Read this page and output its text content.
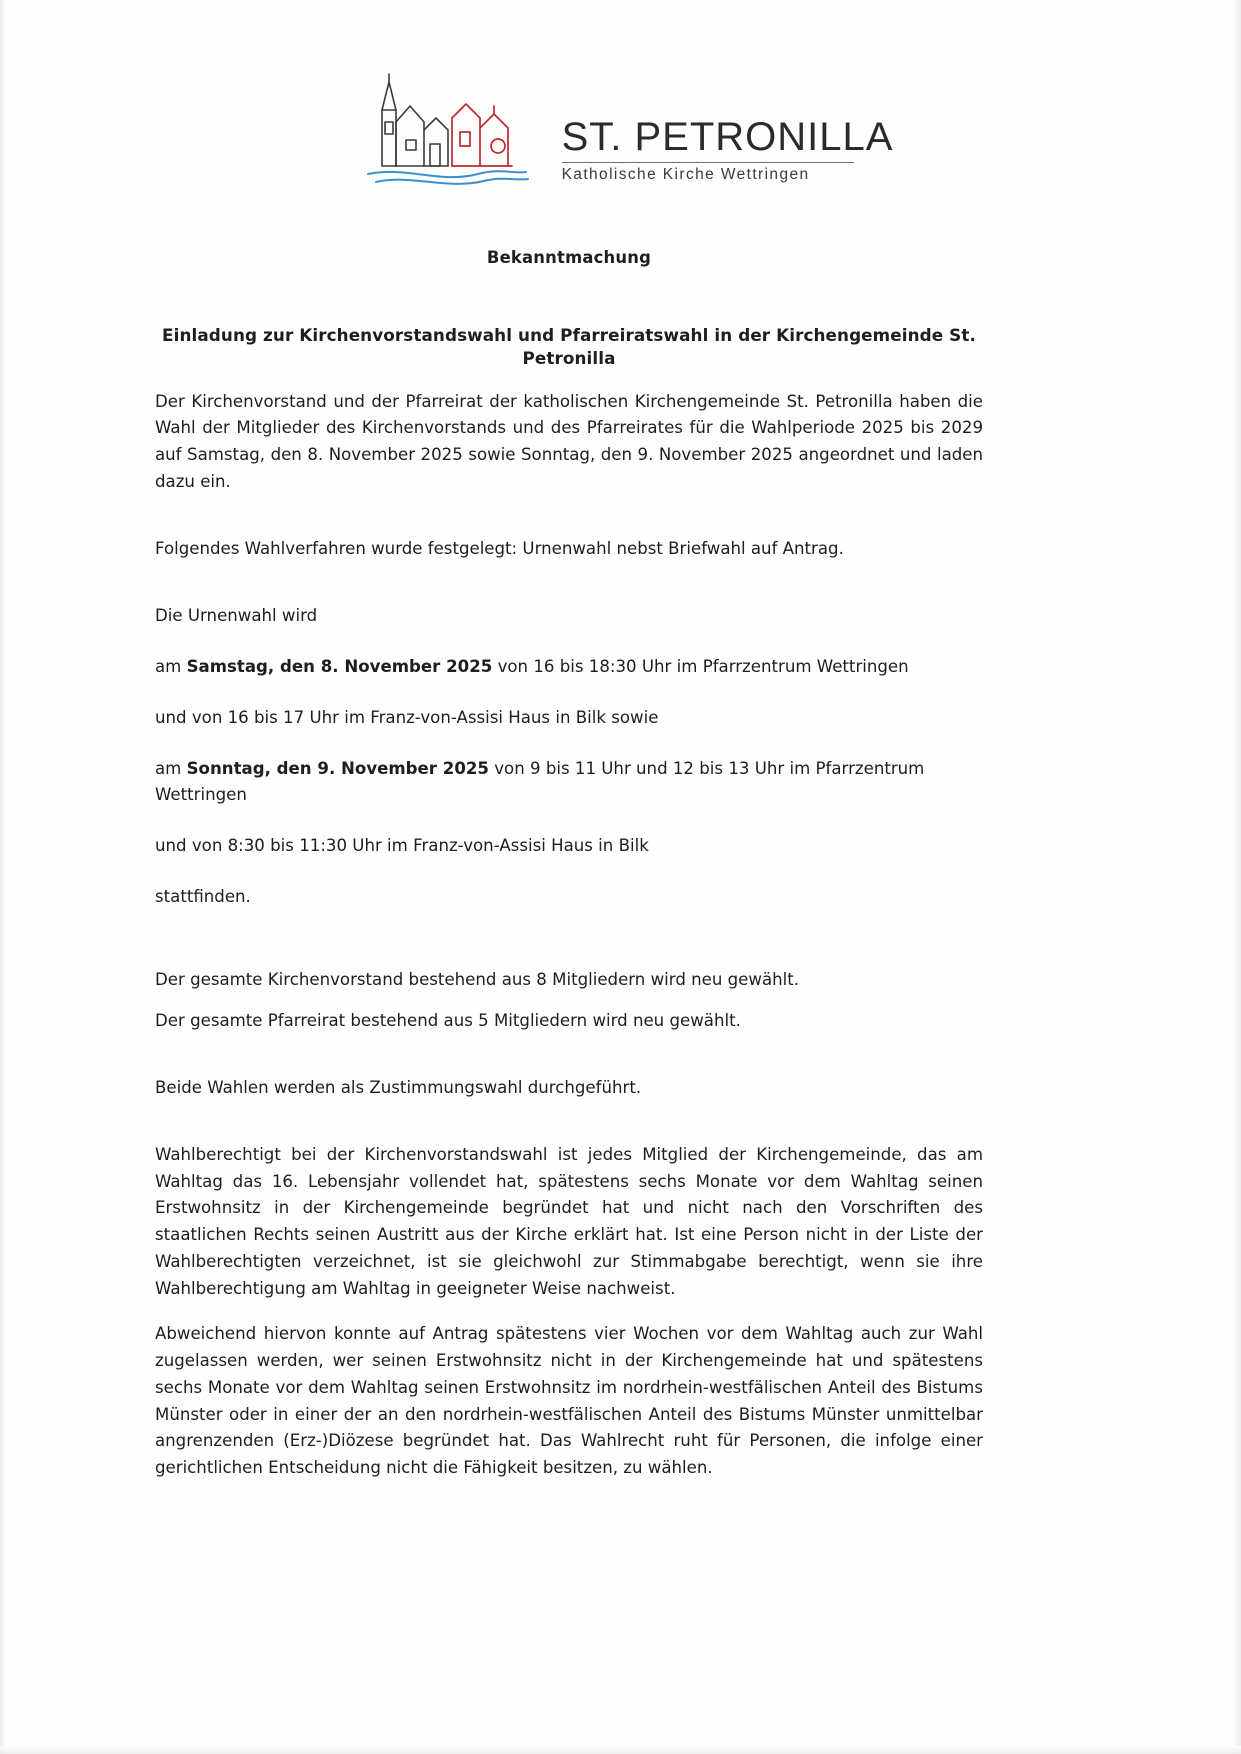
ST. PETRONILLA
Katholische Kirche Wettringen
Bekanntmachung
Einladung zur Kirchenvorstandswahl und Pfarreiratswahl in der Kirchengemeinde St. Petronilla

Der Kirchenvorstand und der Pfarreirat der katholischen Kirchengemeinde St. Petronilla haben die Wahl der Mitglieder des Kirchenvorstands und des Pfarreirates für die Wahlperiode 2025 bis 2029 auf Samstag, den 8. November 2025 sowie Sonntag, den 9. November 2025 angeordnet und laden dazu ein.

Folgendes Wahlverfahren wurde festgelegt: Urnenwahl nebst Briefwahl auf Antrag.

Die Urnenwahl wird

am Samstag, den 8. November 2025 von 16 bis 18:30 Uhr im Pfarrzentrum Wettringen

und von 16 bis 17 Uhr im Franz-von-Assisi Haus in Bilk sowie

am Sonntag, den 9. November 2025 von 9 bis 11 Uhr und 12 bis 13 Uhr im Pfarrzentrum Wettringen

und von 8:30 bis 11:30 Uhr im Franz-von-Assisi Haus in Bilk

stattfinden.

Der gesamte Kirchenvorstand bestehend aus 8 Mitgliedern wird neu gewählt.

Der gesamte Pfarreirat bestehend aus 5 Mitgliedern wird neu gewählt.

Beide Wahlen werden als Zustimmungswahl durchgeführt.

Wahlberechtigt bei der Kirchenvorstandswahl ist jedes Mitglied der Kirchengemeinde, das am Wahltag das 16. Lebensjahr vollendet hat, spätestens sechs Monate vor dem Wahltag seinen Erstwohnsitz in der Kirchengemeinde begründet hat und nicht nach den Vorschriften des staatlichen Rechts seinen Austritt aus der Kirche erklärt hat. Ist eine Person nicht in der Liste der Wahlberechtigten verzeichnet, ist sie gleichwohl zur Stimmabgabe berechtigt, wenn sie ihre Wahlberechtigung am Wahltag in geeigneter Weise nachweist.

Abweichend hiervon konnte auf Antrag spätestens vier Wochen vor dem Wahltag auch zur Wahl zugelassen werden, wer seinen Erstwohnsitz nicht in der Kirchengemeinde hat und spätestens sechs Monate vor dem Wahltag seinen Erstwohnsitz im nordrhein-westfälischen Anteil des Bistums Münster oder in einer der an den nordrhein-westfälischen Anteil des Bistums Münster unmittelbar angrenzenden (Erz-)Diözese begründet hat. Das Wahlrecht ruht für Personen, die infolge einer gerichtlichen Entscheidung nicht die Fähigkeit besitzen, zu wählen.
